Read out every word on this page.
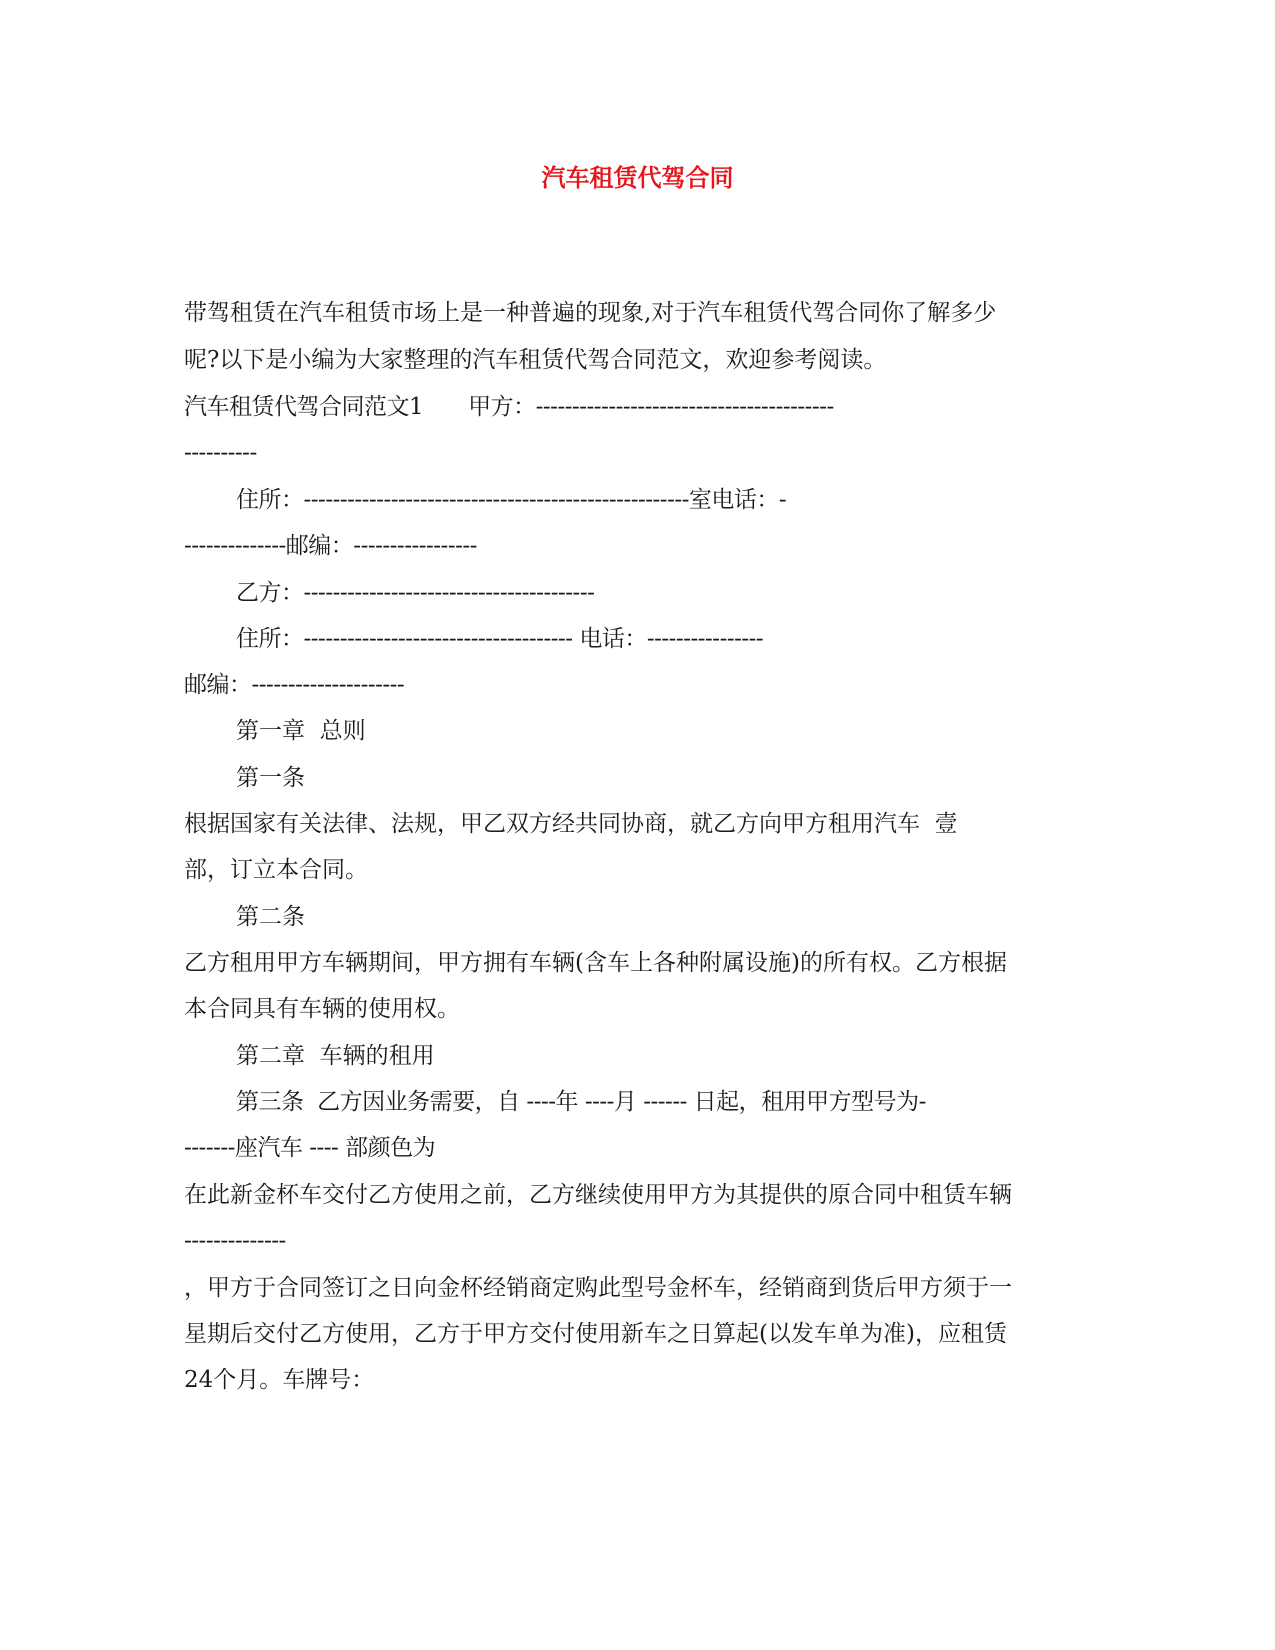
汽车租赁代驾合同
带驾租赁在汽车租赁市场上是一种普遍的现象,对于汽车租赁代驾合同你了解多少
呢?以下是小编为大家整理的汽车租赁代驾合同范文，欢迎参考阅读。
汽车租赁代驾合同范文1　　甲方：-----------------------------------------
----------
住所：-----------------------------------------------------室电话：-
--------------邮编：-----------------
乙方：----------------------------------------
住所：------------------------------------- 电话：----------------
邮编：---------------------
第一章  总则
第一条
根据国家有关法律、法规，甲乙双方经共同协商，就乙方向甲方租用汽车  壹
部，订立本合同。
第二条
乙方租用甲方车辆期间，甲方拥有车辆(含车上各种附属设施)的所有权。乙方根据
本合同具有车辆的使用权。
第二章  车辆的租用
第三条  乙方因业务需要，自 ----年 ----月 ------ 日起，租用甲方型号为-
-------座汽车 ---- 部颜色为
在此新金杯车交付乙方使用之前，乙方继续使用甲方为其提供的原合同中租赁车辆
--------------
，甲方于合同签订之日向金杯经销商定购此型号金杯车，经销商到货后甲方须于一
星期后交付乙方使用，乙方于甲方交付使用新车之日算起(以发车单为准)，应租赁
24个月。车牌号：
